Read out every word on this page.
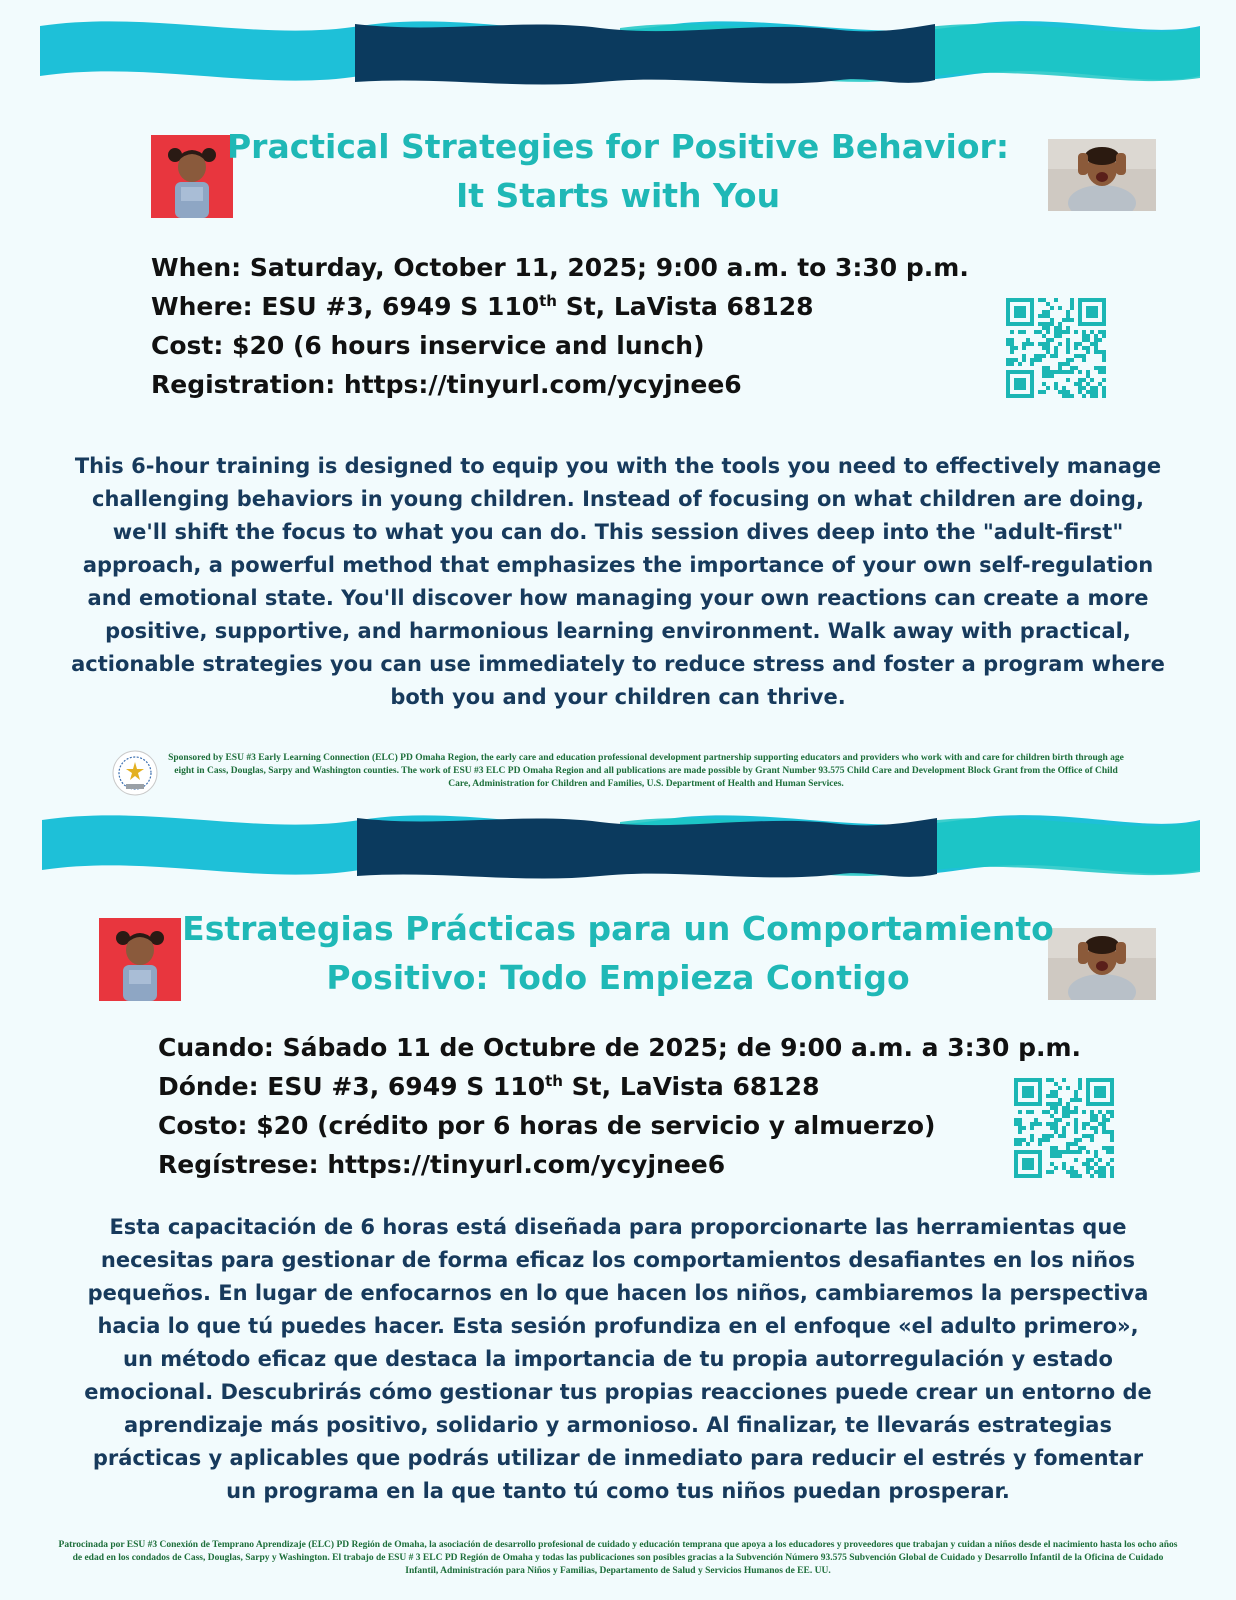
Practical Strategies for Positive Behavior:
It Starts with You
When: Saturday, October 11, 2025; 9:00 a.m. to 3:30 p.m.
Where: ESU #3, 6949 S 110th St, LaVista 68128
Cost: $20 (6 hours inservice and lunch)
Registration: https://tinyurl.com/ycyjnee6
This 6-hour training is designed to equip you with the tools you need to effectively manage challenging behaviors in young children. Instead of focusing on what children are doing, we'll shift the focus to what you can do. This session dives deep into the "adult-first" approach, a powerful method that emphasizes the importance of your own self-regulation and emotional state. You'll discover how managing your own reactions can create a more positive, supportive, and harmonious learning environment. Walk away with practical, actionable strategies you can use immediately to reduce stress and foster a program where both you and your children can thrive.
Sponsored by ESU #3 Early Learning Connection (ELC) PD Omaha Region, the early care and education professional development partnership supporting educators and providers who work with and care for children birth through age eight in Cass, Douglas, Sarpy and Washington counties. The work of ESU #3 ELC PD Omaha Region and all publications are made possible by Grant Number 93.575 Child Care and Development Block Grant from the Office of Child Care, Administration for Children and Families, U.S. Department of Health and Human Services.
Estrategias Prácticas para un Comportamiento
Positivo: Todo Empieza Contigo
Cuando: Sábado 11 de Octubre de 2025; de 9:00 a.m. a 3:30 p.m.
Dónde: ESU #3, 6949 S 110th St, LaVista 68128
Costo: $20 (crédito por 6 horas de servicio y almuerzo)
Regístrese: https://tinyurl.com/ycyjnee6
Esta capacitación de 6 horas está diseñada para proporcionarte las herramientas que necesitas para gestionar de forma eficaz los comportamientos desafiantes en los niños pequeños. En lugar de enfocarnos en lo que hacen los niños, cambiaremos la perspectiva hacia lo que tú puedes hacer. Esta sesión profundiza en el enfoque «el adulto primero», un método eficaz que destaca la importancia de tu propia autorregulación y estado emocional. Descubrirás cómo gestionar tus propias reacciones puede crear un entorno de aprendizaje más positivo, solidario y armonioso. Al finalizar, te llevarás estrategias prácticas y aplicables que podrás utilizar de inmediato para reducir el estrés y fomentar un programa en la que tanto tú como tus niños puedan prosperar.
Patrocinada por ESU #3 Conexión de Temprano Aprendizaje (ELC) PD Región de Omaha, la asociación de desarrollo profesional de cuidado y educación temprana que apoya a los educadores y proveedores que trabajan y cuidan a niños desde el nacimiento hasta los ocho años de edad en los condados de Cass, Douglas, Sarpy y Washington. El trabajo de ESU # 3 ELC PD Región de Omaha y todas las publicaciones son posibles gracias a la Subvención Número 93.575 Subvención Global de Cuidado y Desarrollo Infantil de la Oficina de Cuidado Infantil, Administración para Niños y Familias, Departamento de Salud y Servicios Humanos de EE. UU.
